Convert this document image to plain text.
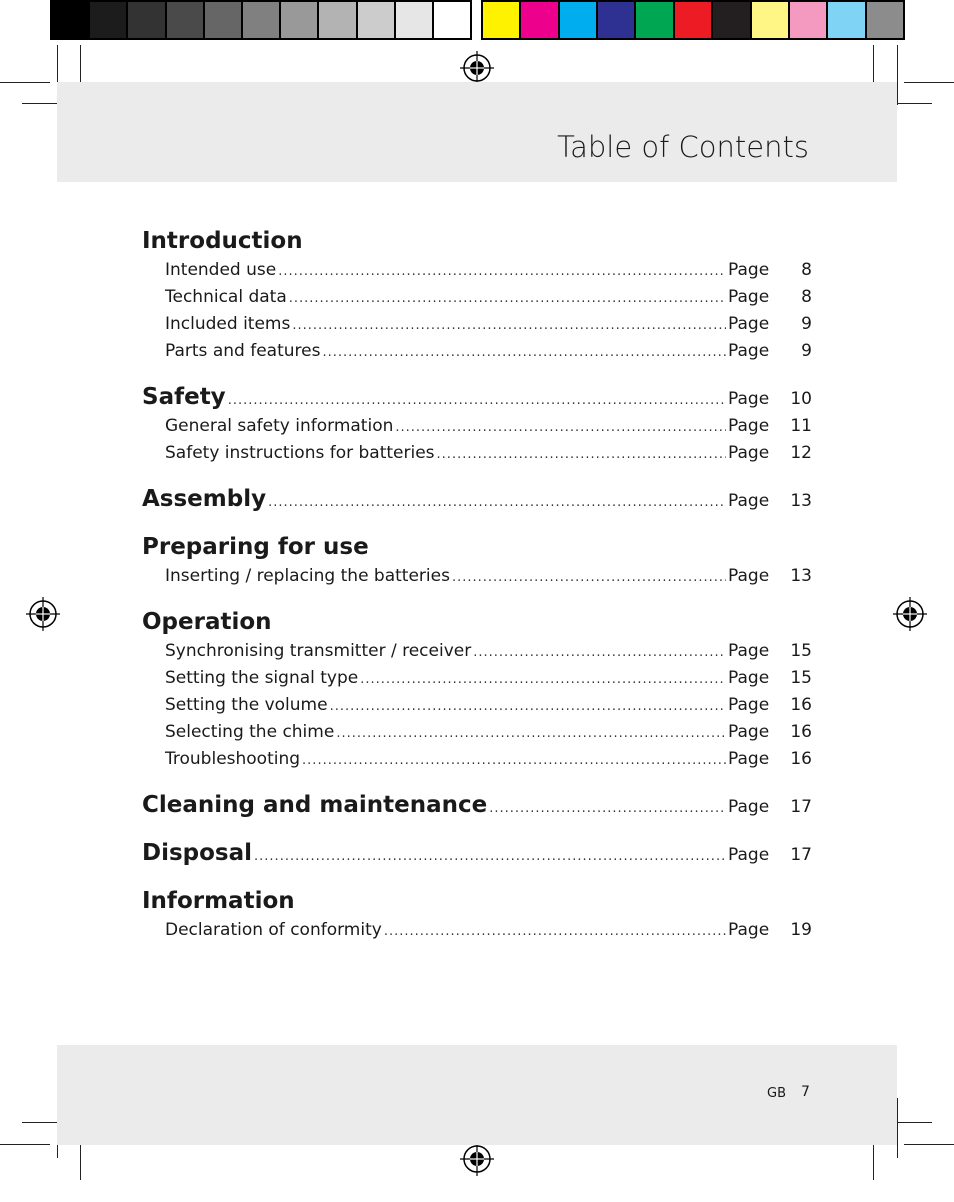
Table of Contents
Introduction
Intended use .....	Page	8
Technical data .....	Page	8
Included items .....	Page	9
Parts and features .....	Page	9
Safety .....	Page	10
General safety information .....	Page	11
Safety instructions for batteries .....	Page	12
Assembly .....	Page	13
Preparing for use
Inserting / replacing the batteries .....	Page	13
Operation
Synchronising transmitter / receiver .....	Page	15
Setting the signal type .....	Page	15
Setting the volume .....	Page	16
Selecting the chime .....	Page	16
Troubleshooting .....	Page	16
Cleaning and maintenance .....	Page	17
Disposal .....	Page	17
Information
Declaration of conformity .....	Page	19
GB 7
